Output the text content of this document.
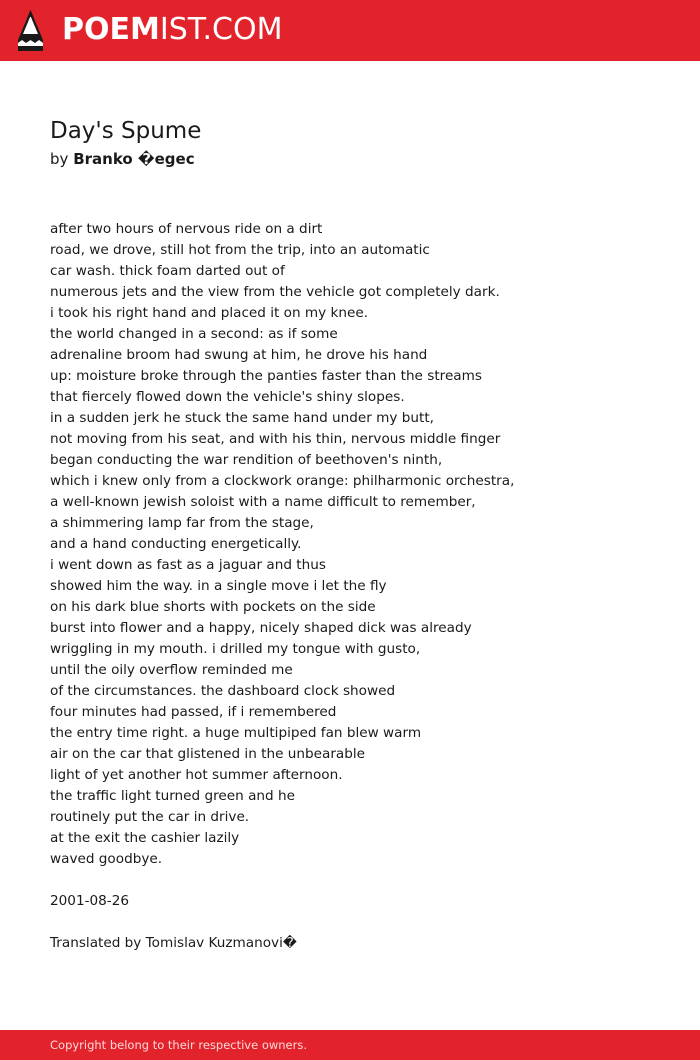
POEMIST.COM
Day's Spume
by Branko �egec
after two hours of nervous ride on a dirt
road, we drove, still hot from the trip, into an automatic
car wash. thick foam darted out of
numerous jets and the view from the vehicle got completely dark.
i took his right hand and placed it on my knee.
the world changed in a second: as if some
adrenaline broom had swung at him, he drove his hand
up: moisture broke through the panties faster than the streams
that fiercely flowed down the vehicle's shiny slopes.
in a sudden jerk he stuck the same hand under my butt,
not moving from his seat, and with his thin, nervous middle finger
began conducting the war rendition of beethoven's ninth,
which i knew only from a clockwork orange: philharmonic orchestra,
a well-known jewish soloist with a name difficult to remember,
a shimmering lamp far from the stage,
and a hand conducting energetically.
i went down as fast as a jaguar and thus
showed him the way. in a single move i let the fly
on his dark blue shorts with pockets on the side
burst into flower and a happy, nicely shaped dick was already
wriggling in my mouth. i drilled my tongue with gusto,
until the oily overflow reminded me
of the circumstances. the dashboard clock showed
four minutes had passed, if i remembered
the entry time right. a huge multipiped fan blew warm
air on the car that glistened in the unbearable
light of yet another hot summer afternoon.
the traffic light turned green and he
routinely put the car in drive.
at the exit the cashier lazily
waved goodbye.
2001-08-26
Translated by Tomislav Kuzmanovi�
Copyright belong to their respective owners.
